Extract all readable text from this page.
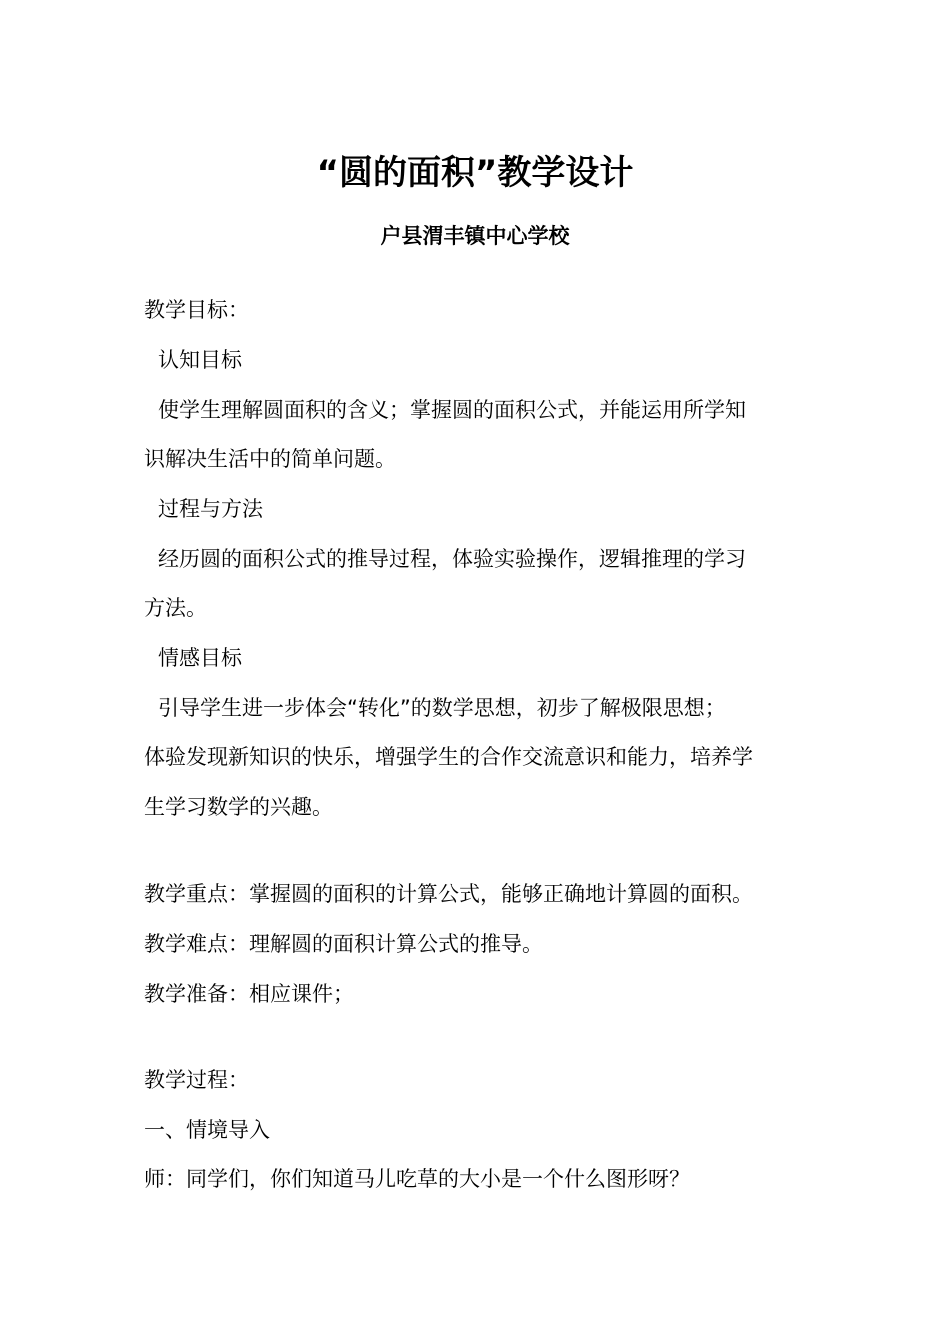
“圆的面积”教学设计
户县渭丰镇中心学校
教学目标：
认知目标
使学生理解圆面积的含义；掌握圆的面积公式，并能运用所学知
识解决生活中的简单问题。
过程与方法
经历圆的面积公式的推导过程，体验实验操作，逻辑推理的学习
方法。
情感目标
引导学生进一步体会“转化”的数学思想，初步了解极限思想；
体验发现新知识的快乐，增强学生的合作交流意识和能力，培养学
生学习数学的兴趣。
教学重点：掌握圆的面积的计算公式，能够正确地计算圆的面积。
教学难点：理解圆的面积计算公式的推导。
教学准备：相应课件；
教学过程：
一、情境导入
师：同学们，你们知道马儿吃草的大小是一个什么图形呀？
